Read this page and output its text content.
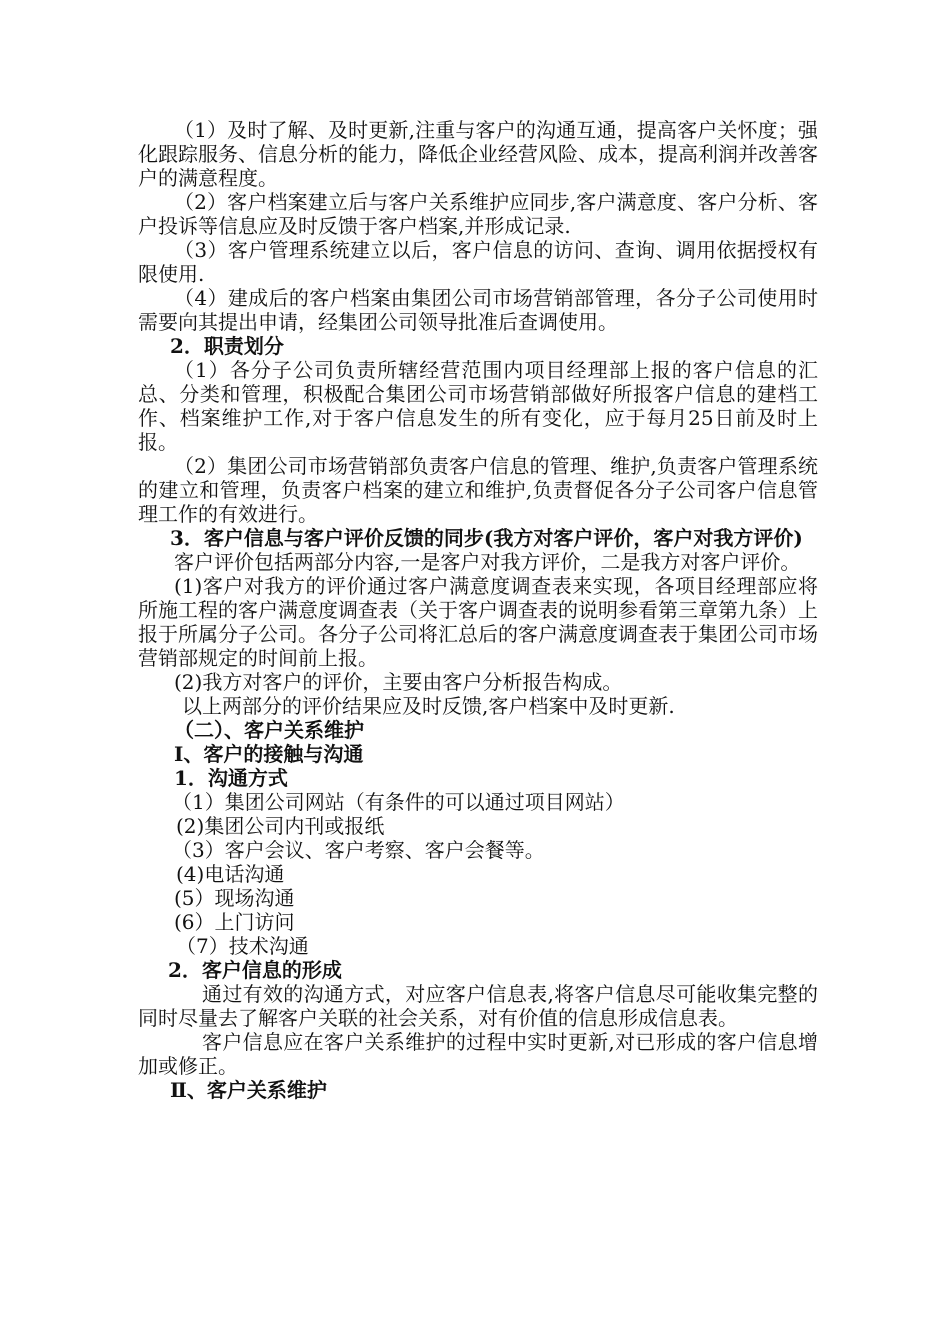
（1）及时了解、及时更新,注重与客户的沟通互通，提高客户关怀度；强化跟踪服务、信息分析的能力，降低企业经营风险、成本，提高利润并改善客户的满意程度。

（2）客户档案建立后与客户关系维护应同步,客户满意度、客户分析、客户投诉等信息应及时反馈于客户档案,并形成记录.

（3）客户管理系统建立以后，客户信息的访问、查询、调用依据授权有限使用.

（4）建成后的客户档案由集团公司市场营销部管理，各分子公司使用时需要向其提出申请，经集团公司领导批准后查调使用。

2．职责划分

（1）各分子公司负责所辖经营范围内项目经理部上报的客户信息的汇总、分类和管理，积极配合集团公司市场营销部做好所报客户信息的建档工作、档案维护工作,对于客户信息发生的所有变化，应于每月25日前及时上报。

（2）集团公司市场营销部负责客户信息的管理、维护,负责客户管理系统的建立和管理，负责客户档案的建立和维护,负责督促各分子公司客户信息管理工作的有效进行。

3．客户信息与客户评价反馈的同步(我方对客户评价，客户对我方评价)

客户评价包括两部分内容,一是客户对我方评价，二是我方对客户评价。

(1)客户对我方的评价通过客户满意度调查表来实现，各项目经理部应将所施工程的客户满意度调查表（关于客户调查表的说明参看第三章第九条）上报于所属分子公司。各分子公司将汇总后的客户满意度调查表于集团公司市场营销部规定的时间前上报。

(2)我方对客户的评价，主要由客户分析报告构成。

以上两部分的评价结果应及时反馈,客户档案中及时更新.

（二）、客户关系维护

Ⅰ、客户的接触与沟通

1．沟通方式

（1）集团公司网站（有条件的可以通过项目网站）

(2)集团公司内刊或报纸

（3）客户会议、客户考察、客户会餐等。

(4)电话沟通

(5）现场沟通

(6）上门访问

（7）技术沟通

2．客户信息的形成

通过有效的沟通方式，对应客户信息表,将客户信息尽可能收集完整的同时尽量去了解客户关联的社会关系，对有价值的信息形成信息表。

客户信息应在客户关系维护的过程中实时更新,对已形成的客户信息增加或修正。

Ⅱ、客户关系维护
